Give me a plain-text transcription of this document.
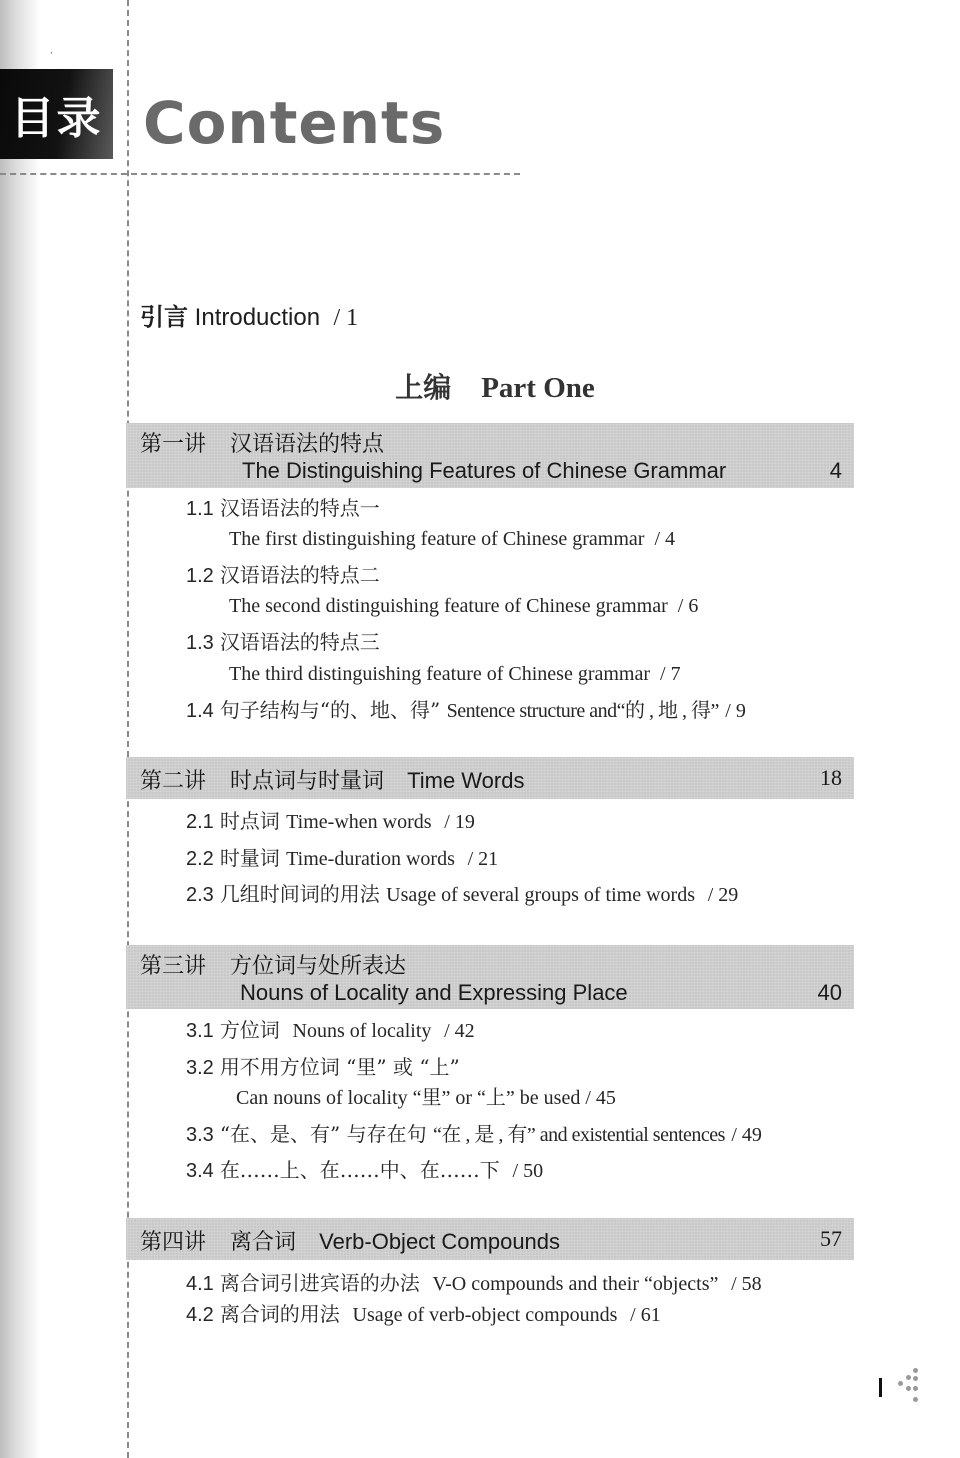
,
目录 Contents
引言 Introduction / 1
上编 Part One
第一讲 汉语语法的特点
The Distinguishing Features of Chinese Grammar	4
1.1 汉语语法的特点一
The first distinguishing feature of Chinese grammar / 4
1.2 汉语语法的特点二
The second distinguishing feature of Chinese grammar / 6
1.3 汉语语法的特点三
The third distinguishing feature of Chinese grammar / 7
1.4 句子结构与“的、地、得” Sentence structure and“的 , 地 , 得” / 9
第二讲 时点词与时量词 Time Words	18
2.1 时点词 Time-when words / 19
2.2 时量词 Time-duration words / 21
2.3 几组时间词的用法 Usage of several groups of time words / 29
第三讲 方位词与处所表达
Nouns of Locality and Expressing Place	40
3.1 方位词 Nouns of locality / 42
3.2 用不用方位词 “里” 或 “上”
Can nouns of locality “里” or “上” be used / 45
3.3 “在、是、有” 与存在句 “在 , 是 , 有” and existential sentences / 49
3.4 在……上、在……中、在……下 / 50
第四讲 离合词 Verb-Object Compounds	57
4.1 离合词引进宾语的办法 V-O compounds and their “objects” / 58
4.2 离合词的用法 Usage of verb-object compounds / 61
